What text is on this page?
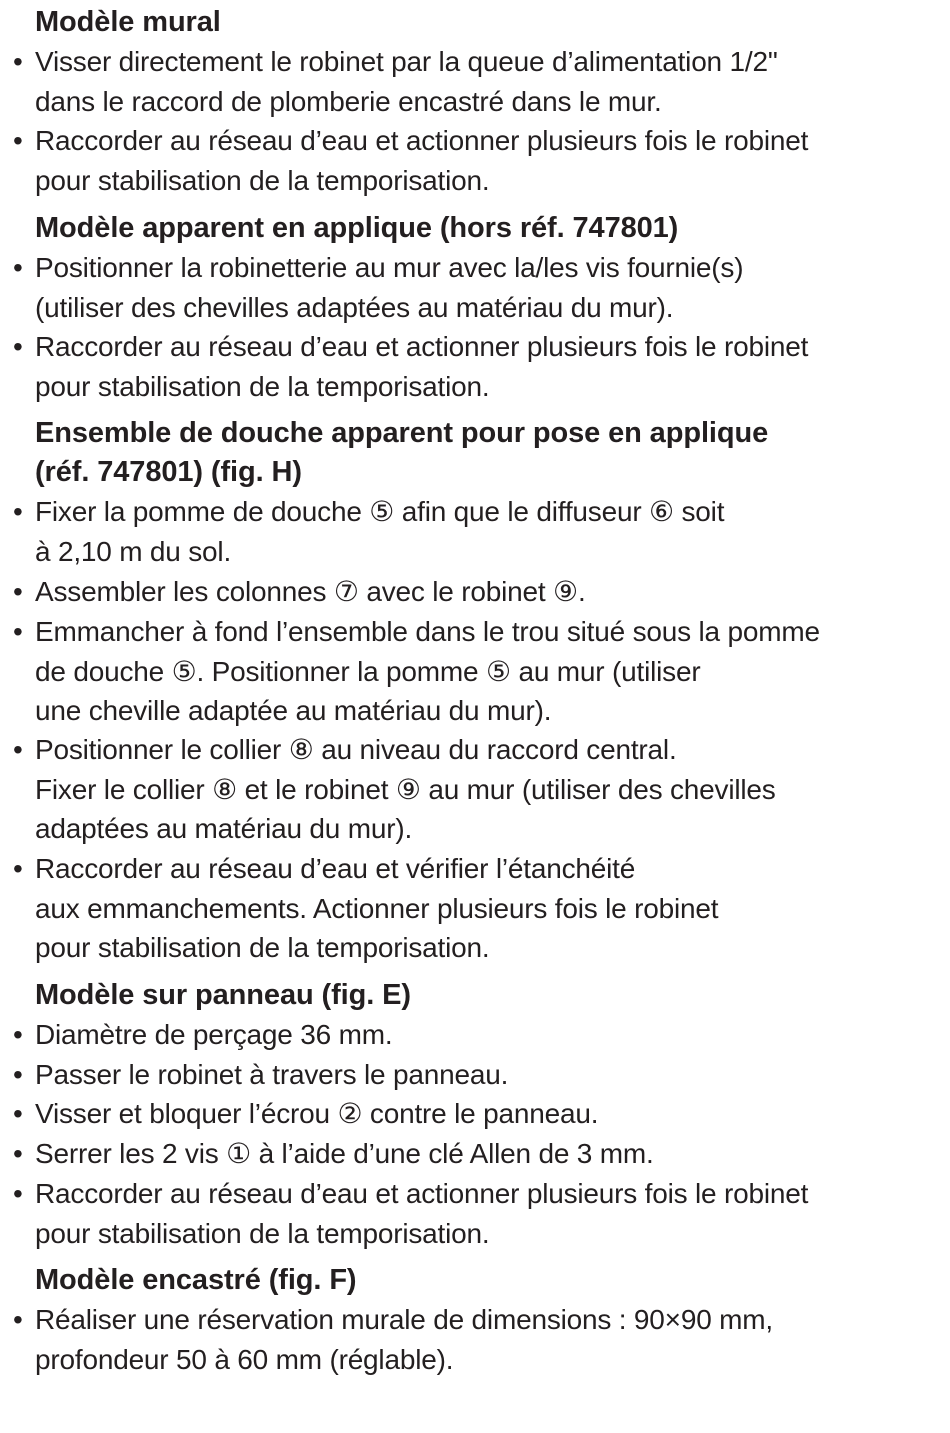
Modèle mural
• Visser directement le robinet par la queue d’alimentation 1/2"
dans le raccord de plomberie encastré dans le mur.
• Raccorder au réseau d’eau et actionner plusieurs fois le robinet
pour stabilisation de la temporisation.
Modèle apparent en applique (hors réf. 747801)
• Positionner la robinetterie au mur avec la/les vis fournie(s)
(utiliser des chevilles adaptées au matériau du mur).
• Raccorder au réseau d’eau et actionner plusieurs fois le robinet
pour stabilisation de la temporisation.
Ensemble de douche apparent pour pose en applique
(réf. 747801) (fig. H)
• Fixer la pomme de douche ⑤ afin que le diffuseur ⑥ soit
à 2,10 m du sol.
• Assembler les colonnes ⑦ avec le robinet ⑨.
• Emmancher à fond l’ensemble dans le trou situé sous la pomme
de douche ⑤. Positionner la pomme ⑤ au mur (utiliser
une cheville adaptée au matériau du mur).
• Positionner le collier ⑧ au niveau du raccord central.
Fixer le collier ⑧ et le robinet ⑨ au mur (utiliser des chevilles
adaptées au matériau du mur).
• Raccorder au réseau d’eau et vérifier l’étanchéité
aux emmanchements. Actionner plusieurs fois le robinet
pour stabilisation de la temporisation.
Modèle sur panneau (fig. E)
• Diamètre de perçage 36 mm.
• Passer le robinet à travers le panneau.
• Visser et bloquer l’écrou ② contre le panneau.
• Serrer les 2 vis ① à l’aide d’une clé Allen de 3 mm.
• Raccorder au réseau d’eau et actionner plusieurs fois le robinet
pour stabilisation de la temporisation.
Modèle encastré (fig. F)
• Réaliser une réservation murale de dimensions : 90×90 mm,
profondeur 50 à 60 mm (réglable).
